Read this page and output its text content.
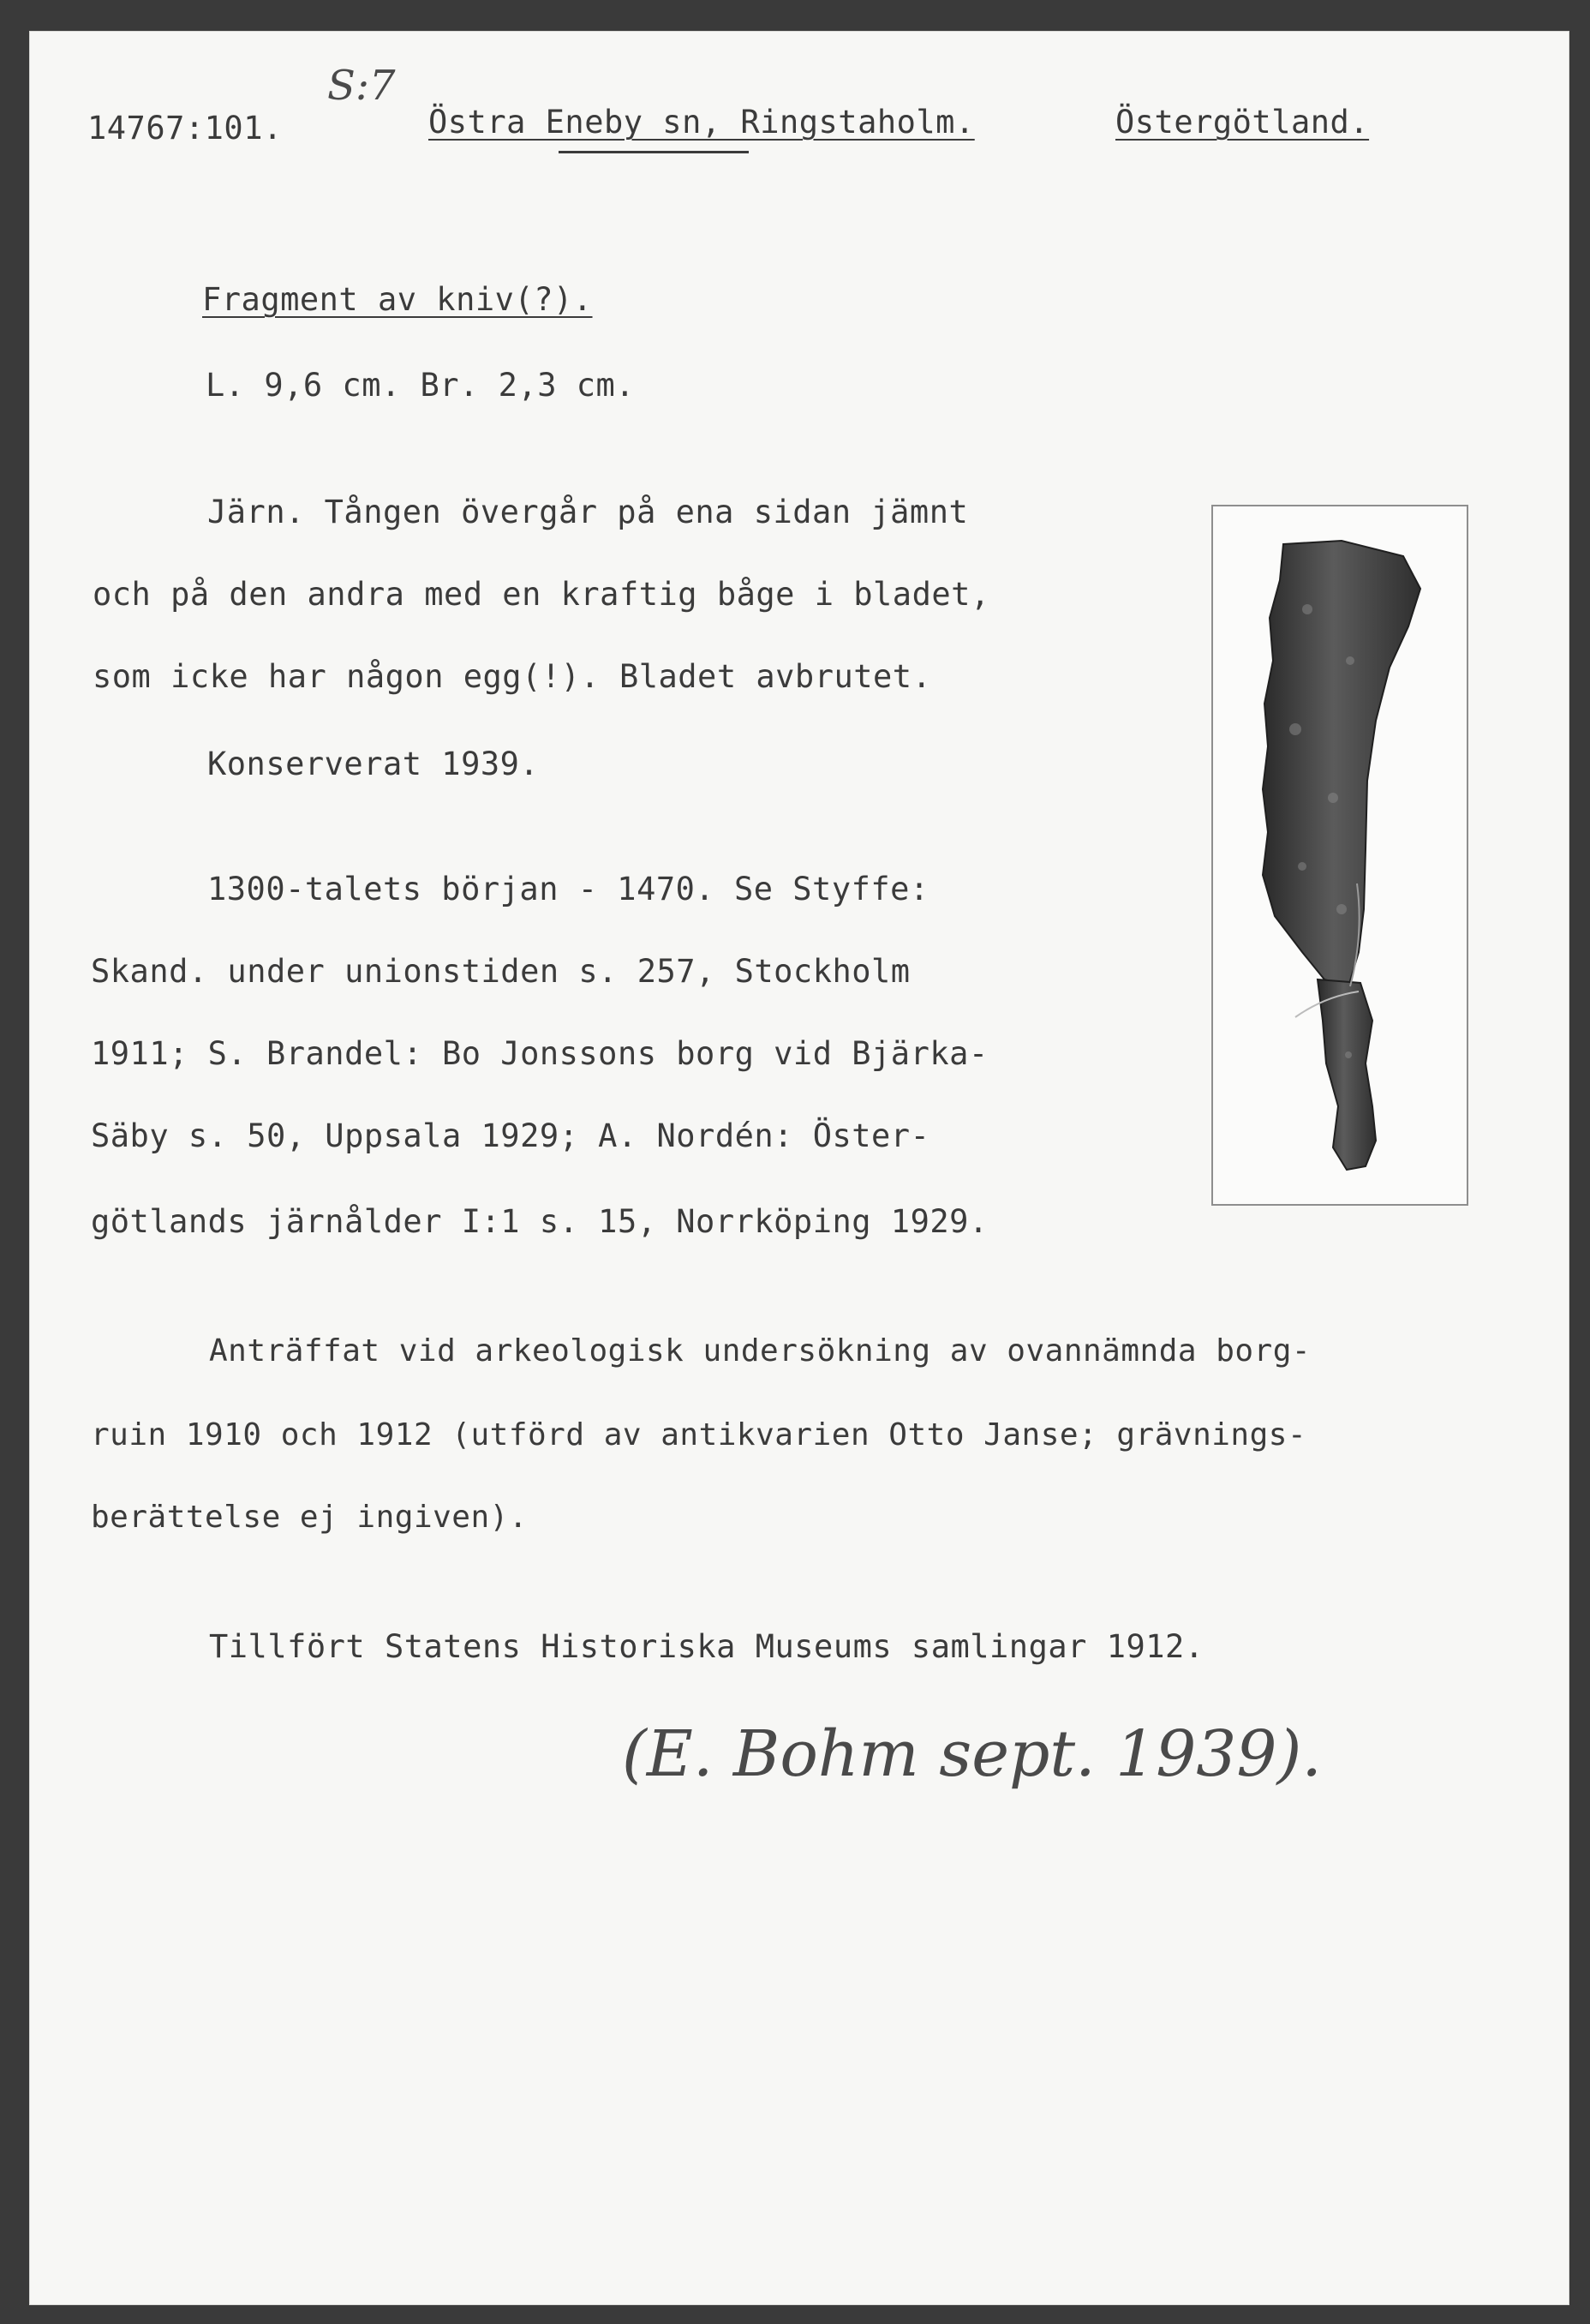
14767:101.

S:7

Östra Eneby sn, Ringstaholm.	Östergötland.

Fragment av kniv(?).

L. 9,6 cm. Br. 2,3 cm.

Järn. Tången övergår på ena sidan jämnt

och på den andra med en kraftig båge i bladet,

som icke har någon egg(!). Bladet avbrutet.

Konserverat 1939.

1300-talets början - 1470. Se Styffe:

Skand. under unionstiden s. 257, Stockholm

1911; S. Brandel: Bo Jonssons borg vid Bjärka-

Säby s. 50, Uppsala 1929; A. Nordén: Öster-

götlands järnålder I:1 s. 15, Norrköping 1929.

Anträffat vid arkeologisk undersökning av ovannämnda borg-

ruin 1910 och 1912 (utförd av antikvarien Otto Janse; grävnings-

berättelse ej ingiven).

Tillfört Statens Historiska Museums samlingar 1912.

(E. Bohm sept. 1939).
